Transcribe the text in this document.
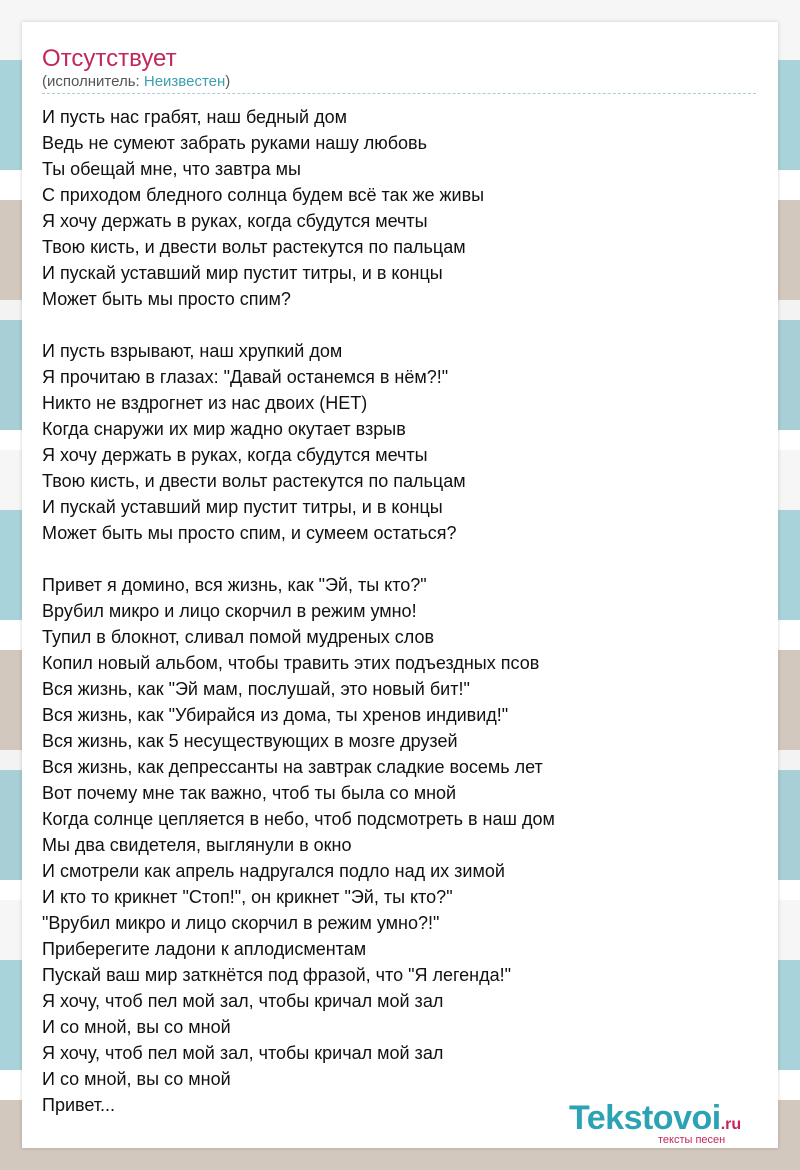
Отсутствует
(исполнитель: Неизвестен)
И пусть нас грабят, наш бедный дом
Ведь не сумеют забрать руками нашу любовь
Ты обещай мне, что завтра мы
С приходом бледного солнца будем всё так же живы
Я хочу держать в руках, когда сбудутся мечты
Твою кисть, и двести вольт растекутся по пальцам
И пускай уставший мир пустит титры, и в концы
Может быть мы просто спим?
И пусть взрывают, наш хрупкий дом
Я прочитаю в глазах: "Давай останемся в нём?!"
Никто не вздрогнет из нас двоих (НЕТ)
Когда снаружи их мир жадно окутает взрыв
Я хочу держать в руках, когда сбудутся мечты
Твою кисть, и двести вольт растекутся по пальцам
И пускай уставший мир пустит титры, и в концы
Может быть мы просто спим, и сумеем остаться?
Привет я домино, вся жизнь, как "Эй, ты кто?"
Врубил микро и лицо скорчил в режим умно!
Тупил в блокнот, сливал помой мудреных слов
Копил новый альбом, чтобы травить этих подъездных псов
Вся жизнь, как "Эй мам, послушай, это новый бит!"
Вся жизнь, как "Убирайся из дома, ты хренов индивид!"
Вся жизнь, как 5 несуществующих в мозге друзей
Вся жизнь, как депрессанты на завтрак сладкие восемь лет
Вот почему мне так важно, чтоб ты была со мной
Когда солнце цепляется в небо, чтоб подсмотреть в наш дом
Мы два свидетеля, выглянули в окно
И смотрели как апрель надругался подло над их зимой
И кто то крикнет "Стоп!", он крикнет "Эй, ты кто?"
"Врубил микро и лицо скорчил в режим умно?!"
Приберегите ладони к аплодисментам
Пускай ваш мир заткнётся под фразой, что "Я легенда!"
Я хочу, чтоб пел мой зал, чтобы кричал мой зал
И со мной, вы со мной
Я хочу, чтоб пел мой зал, чтобы кричал мой зал
И со мной, вы со мной
Привет...	Tekstovoi.ru
тексты песен
